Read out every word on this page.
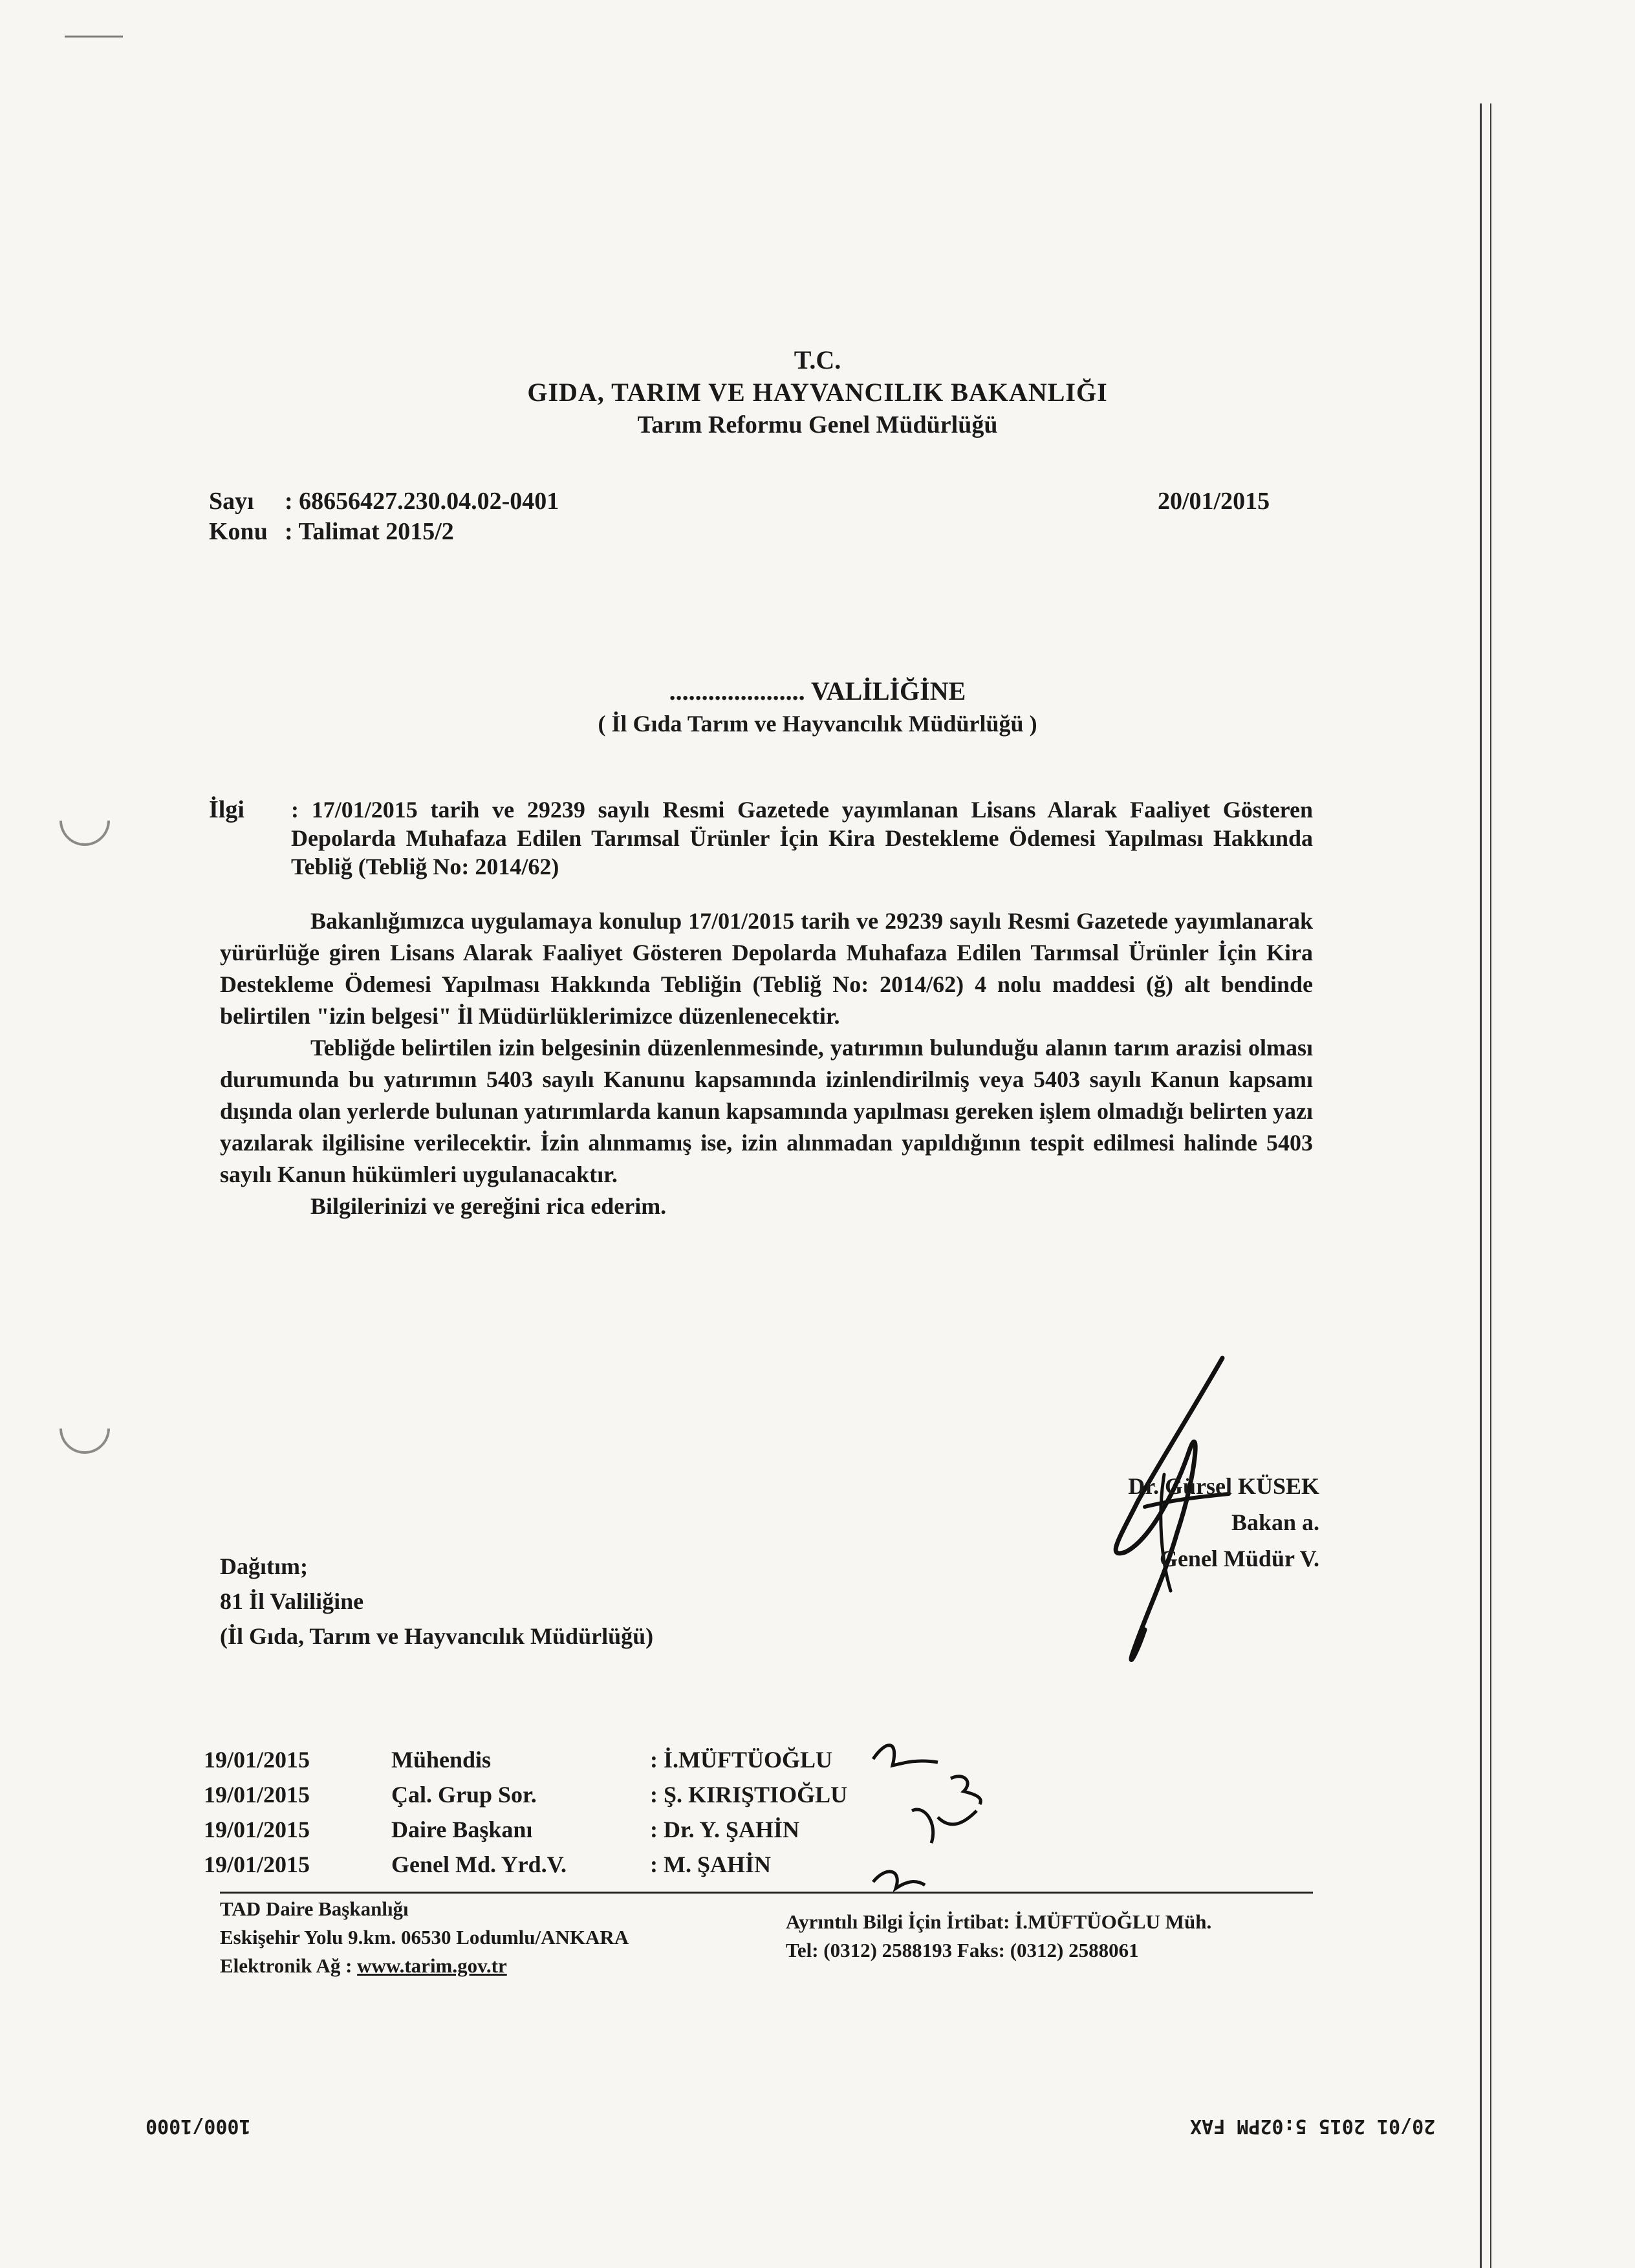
T.C.
GIDA, TARIM VE HAYVANCILIK BAKANLIĞI
Tarım Reformu Genel Müdürlüğü
Sayı : 68656427.230.04.02-0401
Konu : Talimat 2015/2
20/01/2015
..................... VALİLİĞİNE
( İl Gıda Tarım ve Hayvancılık Müdürlüğü )
İlgi : 17/01/2015 tarih ve 29239 sayılı Resmi Gazetede yayımlanan Lisans Alarak Faaliyet Gösteren Depolarda Muhafaza Edilen Tarımsal Ürünler İçin Kira Destekleme Ödemesi Yapılması Hakkında Tebliğ (Tebliğ No: 2014/62)

Bakanlığımızca uygulamaya konulup 17/01/2015 tarih ve 29239 sayılı Resmi Gazetede yayımlanarak yürürlüğe giren Lisans Alarak Faaliyet Gösteren Depolarda Muhafaza Edilen Tarımsal Ürünler İçin Kira Destekleme Ödemesi Yapılması Hakkında Tebliğin (Tebliğ No: 2014/62) 4 nolu maddesi (ğ) alt bendinde belirtilen "izin belgesi" İl Müdürlüklerimizce düzenlenecektir.

Tebliğde belirtilen izin belgesinin düzenlenmesinde, yatırımın bulunduğu alanın tarım arazisi olması durumunda bu yatırımın 5403 sayılı Kanunu kapsamında izinlendirilmiş veya 5403 sayılı Kanun kapsamı dışında olan yerlerde bulunan yatırımlarda kanun kapsamında yapılması gereken işlem olmadığı belirten yazı yazılarak ilgilisine verilecektir. İzin alınmamış ise, izin alınmadan yapıldığının tespit edilmesi halinde 5403 sayılı Kanun hükümleri uygulanacaktır.

Bilgilerinizi ve gereğini rica ederim.

Dr. Gürsel KÜSEK
Bakan a.
Genel Müdür V.
Dağıtım;
81 İl Valiliğine
(İl Gıda, Tarım ve Hayvancılık Müdürlüğü)
19/01/2015	Mühendis	: İ.MÜFTÜOĞLU
19/01/2015	Çal. Grup Sor.	: Ş. KIRIŞTIOĞLU
19/01/2015	Daire Başkanı	: Dr. Y. ŞAHİN
19/01/2015	Genel Md. Yrd.V.	: M. ŞAHİN
TAD Daire Başkanlığı
Eskişehir Yolu 9.km. 06530 Lodumlu/ANKARA
Elektronik Ağ : www.tarim.gov.tr
Ayrıntılı Bilgi İçin İrtibat: İ.MÜFTÜOĞLU Müh.
Tel: (0312) 2588193 Faks: (0312) 2588061
1000/1000	20/01 2015 5:02PM FAX
